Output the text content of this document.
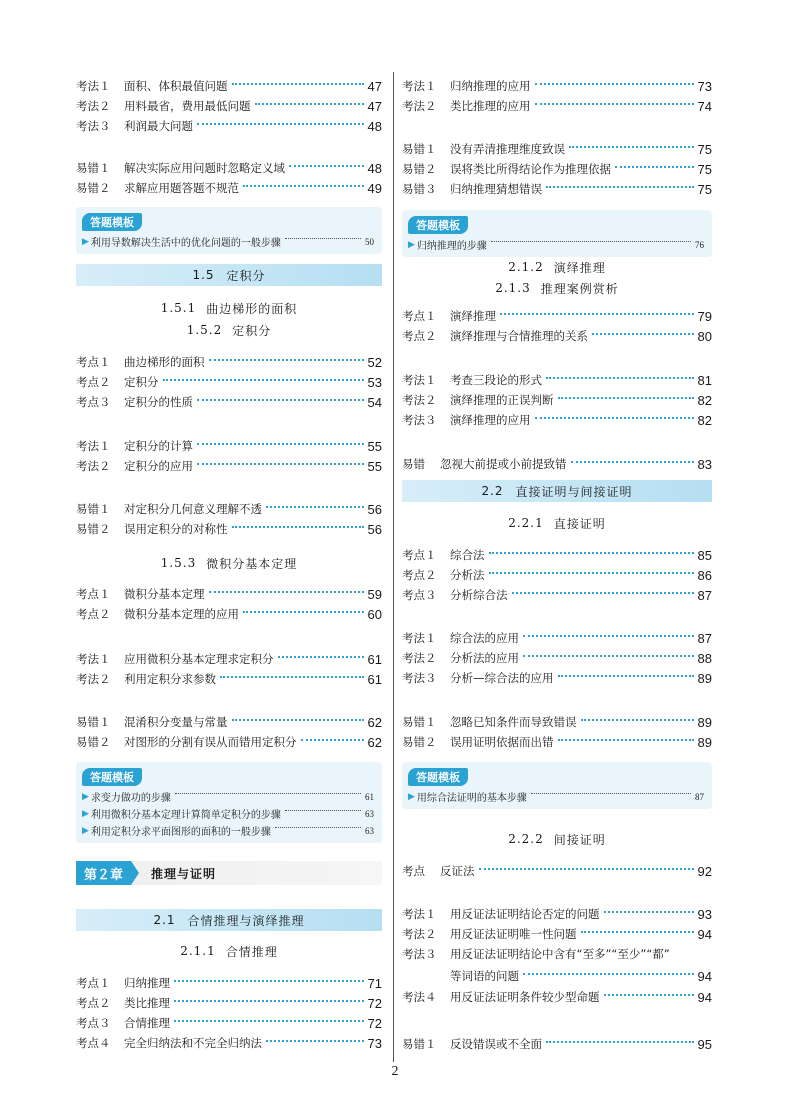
考法１	面积、体积最值问题	47
考法２	用料最省，费用最低问题	47
考法３	利润最大问题	48
易错１	解决实际应用问题时忽略定义域	48
易错２	求解应用题答题不规范	49
答题模板
▶ 利用导数解决生活中的优化问题的一般步骤	50
1.5 定积分
1.5.1 曲边梯形的面积
1.5.2 定积分
考点１	曲边梯形的面积	52
考点２	定积分	53
考点３	定积分的性质	54
考法１	定积分的计算	55
考法２	定积分的应用	55
易错１	对定积分几何意义理解不透	56
易错２	误用定积分的对称性	56
1.5.3 微积分基本定理
考点１	微积分基本定理	59
考点２	微积分基本定理的应用	60
考法１	应用微积分基本定理求定积分	61
考法２	利用定积分求参数	61
易错１	混淆积分变量与常量	62
易错２	对图形的分割有误从而错用定积分	62
答题模板
▶ 求变力做功的步骤	61
▶ 利用微积分基本定理计算简单定积分的步骤	63
▶ 利用定积分求平面图形的面积的一般步骤	63
第２章	推理与证明
2.1 合情推理与演绎推理
2.1.1 合情推理
考点１	归纳推理	71
考点２	类比推理	72
考点３	合情推理	72
考点４	完全归纳法和不完全归纳法	73
考法１	归纳推理的应用	73
考法２	类比推理的应用	74
易错１	没有弄清推理维度致误	75
易错２	误将类比所得结论作为推理依据	75
易错３	归纳推理猜想错误	75
答题模板
▶ 归纳推理的步骤	76
2.1.2 演绎推理
2.1.3 推理案例赏析
考点１	演绎推理	79
考点２	演绎推理与合情推理的关系	80
考法１	考查三段论的形式	81
考法２	演绎推理的正误判断	82
考法３	演绎推理的应用	82
易错	忽视大前提或小前提致错	83
2.2 直接证明与间接证明
2.2.1 直接证明
考点１	综合法	85
考点２	分析法	86
考点３	分析综合法	87
考法１	综合法的应用	87
考法２	分析法的应用	88
考法３	分析—综合法的应用	89
易错１	忽略已知条件而导致错误	89
易错２	误用证明依据而出错	89
答题模板
▶ 用综合法证明的基本步骤	87
2.2.2 间接证明
考点	反证法	92
考法１	用反证法证明结论否定的问题	93
考法２	用反证法证明唯一性问题	94
考法３	用反证法证明结论中含有“至多”“至少”“都”
等词语的问题	94
考法４	用反证法证明条件较少型命题	94
易错１	反设错误或不全面	95
2
